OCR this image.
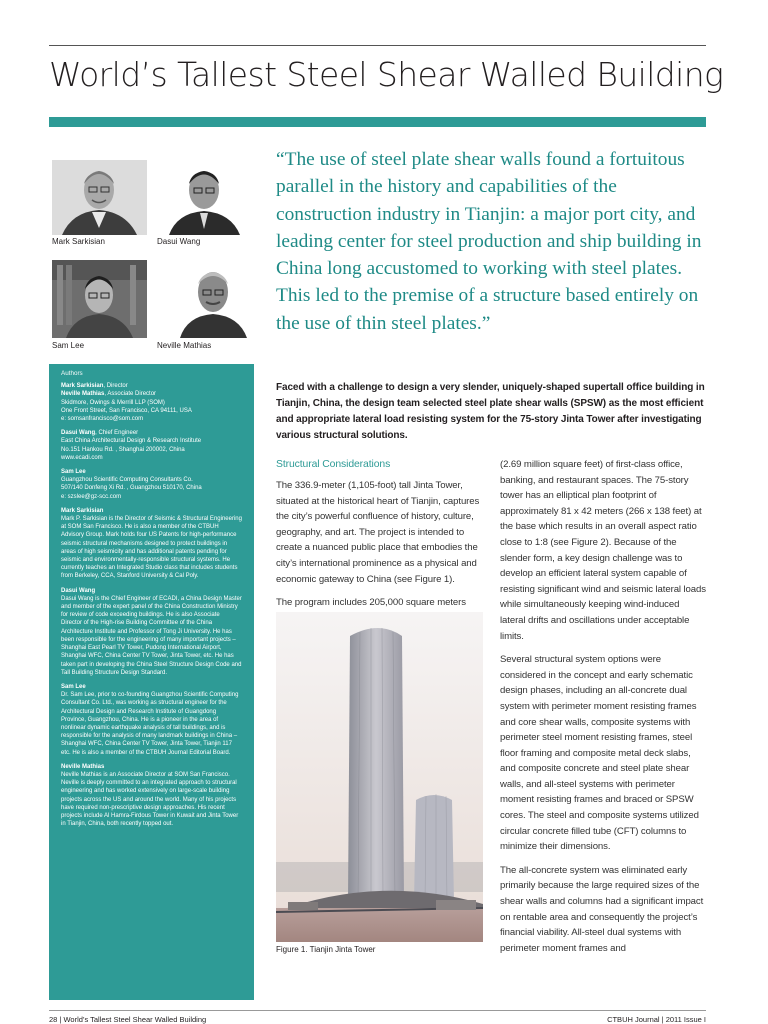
World’s Tallest Steel Shear Walled Building
Mark Sarkisian	Dasui Wang
Sam Lee	Neville Mathias
Authors
Mark Sarkisian, Director
Neville Mathias, Associate Director
Skidmore, Owings & Merrill LLP (SOM)
One Front Street, San Francisco, CA 94111, USA
e: somsanfrancisco@som.com
Dasui Wang, Chief Engineer
East China Architectural Design & Research Institute
No.151 Hankou Rd. , Shanghai 200002, China
www.ecadi.com
Sam Lee
Guangzhou Scientific Computing Consultants Co.
507/140 Donfeng Xi Rd. , Guangzhou 510170, China
e: szslee@gz-scc.com
Mark Sarkisian
Mark P. Sarkisian is the Director of Seismic & Structural Engineering at SOM San Francisco. He is also a member of the CTBUH Advisory Group. Mark holds four US Patents for high-performance seismic structural mechanisms designed to protect buildings in areas of high seismicity and has additional patents pending for seismic and environmentally-responsible structural systems. He currently teaches an Integrated Studio class that includes students from Berkeley, CCA, Stanford University & Cal Poly.
Dasui Wang
Dasui Wang is the Chief Engineer of ECADI, a China Design Master and member of the expert panel of the China Construction Ministry for review of code exceeding buildings. He is also Associate Director of the High-rise Building Committee of the China Architecture Institute and Professor of Tong Ji University. He has been responsible for the engineering of many important projects – Shanghai East Pearl TV Tower, Pudong International Airport, Shanghai WFC, China Center TV Tower, Jinta Tower, etc. He has taken part in developing the China Steel Structure Design Code and Tall Building Structure Design Standard.
Sam Lee
Dr. Sam Lee, prior to co-founding Guangzhou Scientific Computing Consultant Co. Ltd., was working as structural engineer for the Architectural Design and Research Institute of Guangdong Province, Guangzhou, China. He is a pioneer in the area of nonlinear dynamic earthquake analysis of tall buildings, and is responsible for the analysis of many landmark buildings in China – Shanghai WFC, China Center TV Tower, Jinta Tower, Tianjin 117 etc. He is also a member of the CTBUH Journal Editorial Board.
Neville Mathias
Neville Mathias is an Associate Director at SOM San Francisco. Neville is deeply committed to an integrated approach to structural engineering and has worked extensively on large-scale building projects across the US and around the world. Many of his projects have required non-prescriptive design approaches. His recent projects include Al Hamra-Firdous Tower in Kuwait and Jinta Tower in Tianjin, China, both recently topped out.
“The use of steel plate shear walls found a fortuitous parallel in the history and capabilities of the construction industry in Tianjin: a major port city, and leading center for steel production and ship building in China long accustomed to working with steel plates. This led to the premise of a structure based entirely on the use of thin steel plates.”
Faced with a challenge to design a very slender, uniquely-shaped supertall office building in Tianjin, China, the design team selected steel plate shear walls (SPSW) as the most efficient and appropriate lateral load resisting system for the 75-story Jinta Tower after investigating various structural solutions.
Structural Considerations

The 336.9-meter (1,105-foot) tall Jinta Tower, situated at the historical heart of Tianjin, captures the city’s powerful confluence of history, culture, geography, and art. The project is intended to create a nuanced public place that embodies the city’s international prominence as a physical and economic gateway to China (see Figure 1).

The program includes 205,000 square meters

Figure 1. Tianjin Jinta Tower

(2.69 million square feet) of first-class office, banking, and restaurant spaces. The 75-story tower has an elliptical plan footprint of approximately 81 x 42 meters (266 x 138 feet) at the base which results in an overall aspect ratio close to 1:8 (see Figure 2). Because of the slender form, a key design challenge was to develop an efficient lateral system capable of resisting significant wind and seismic lateral loads while simultaneously keeping wind-induced lateral drifts and oscillations under acceptable limits.

Several structural system options were considered in the concept and early schematic design phases, including an all-concrete dual system with perimeter moment resisting frames and core shear walls, composite systems with perimeter steel moment resisting frames, steel floor framing and composite metal deck slabs, and composite concrete and steel plate shear walls, and all-steel systems with perimeter moment resisting frames and braced or SPSW cores. The steel and composite systems utilized circular concrete filled tube (CFT) columns to minimize their dimensions.

The all-concrete system was eliminated early primarily because the large required sizes of the shear walls and columns had a significant impact on rentable area and consequently the project’s financial viability. All-steel dual systems with perimeter moment frames and

28 | World’s Tallest Steel Shear Walled Building	CTBUH Journal | 2011 Issue I
